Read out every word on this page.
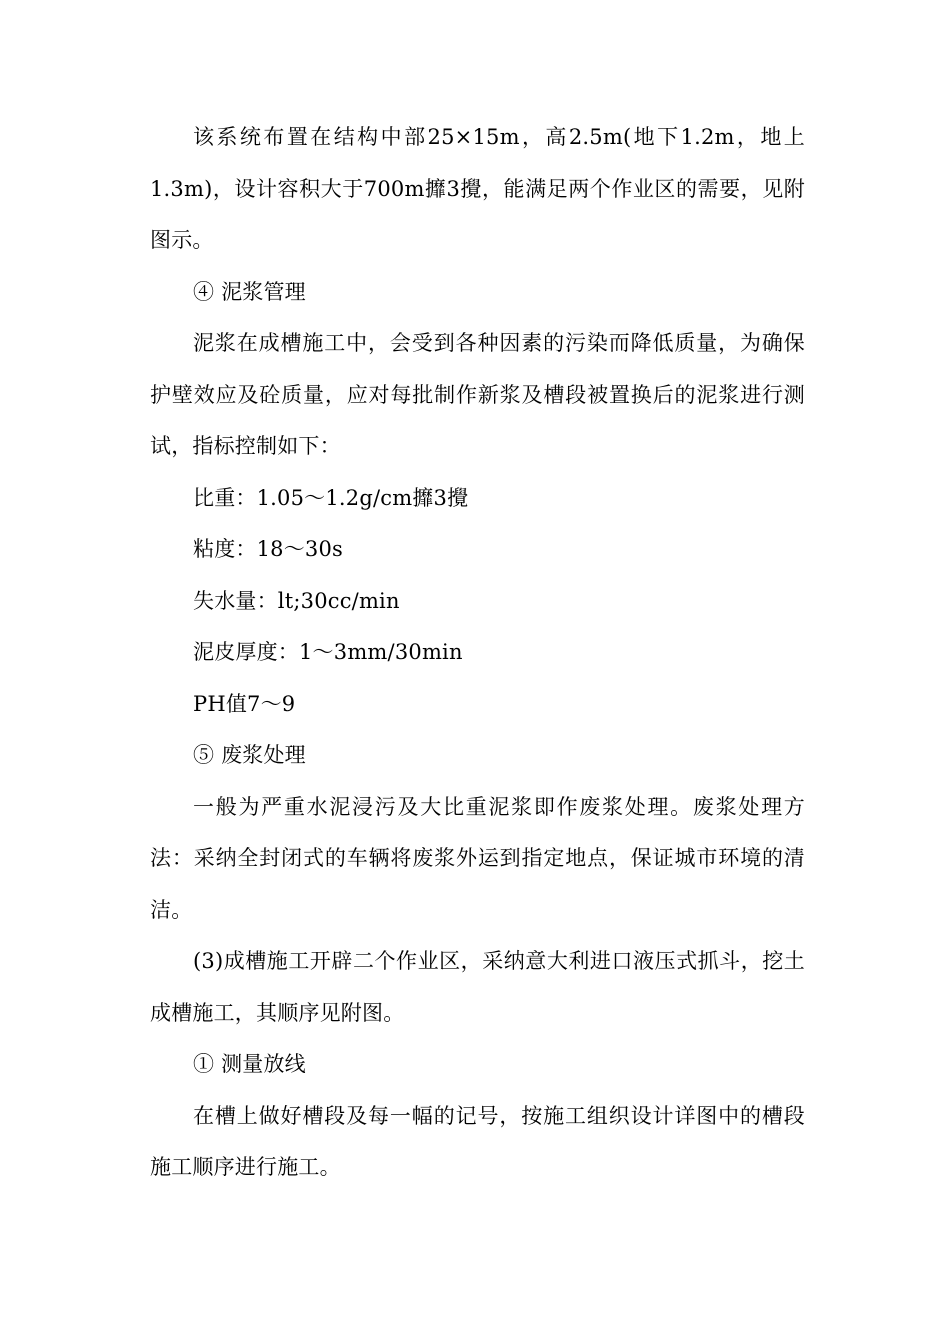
该系统布置在结构中部25×15m，高2.5m(地下1.2m，地上1.3m)，设计容积大于700m攠3攪，能满足两个作业区的需要，见附图示。

④ 泥浆管理

泥浆在成槽施工中，会受到各种因素的污染而降低质量，为确保护壁效应及砼质量，应对每批制作新浆及槽段被置换后的泥浆进行测试，指标控制如下：

比重：1.05～1.2g/cm攠3攪

粘度：18～30s

失水量：lt;30cc/min

泥皮厚度：1～3mm/30min

PH值7～9

⑤ 废浆处理

一般为严重水泥浸污及大比重泥浆即作废浆处理。废浆处理方法：采纳全封闭式的车辆将废浆外运到指定地点，保证城市环境的清洁。

(3)成槽施工开辟二个作业区，采纳意大利进口液压式抓斗，挖土成槽施工，其顺序见附图。

① 测量放线

在槽上做好槽段及每一幅的记号，按施工组织设计详图中的槽段施工顺序进行施工。
